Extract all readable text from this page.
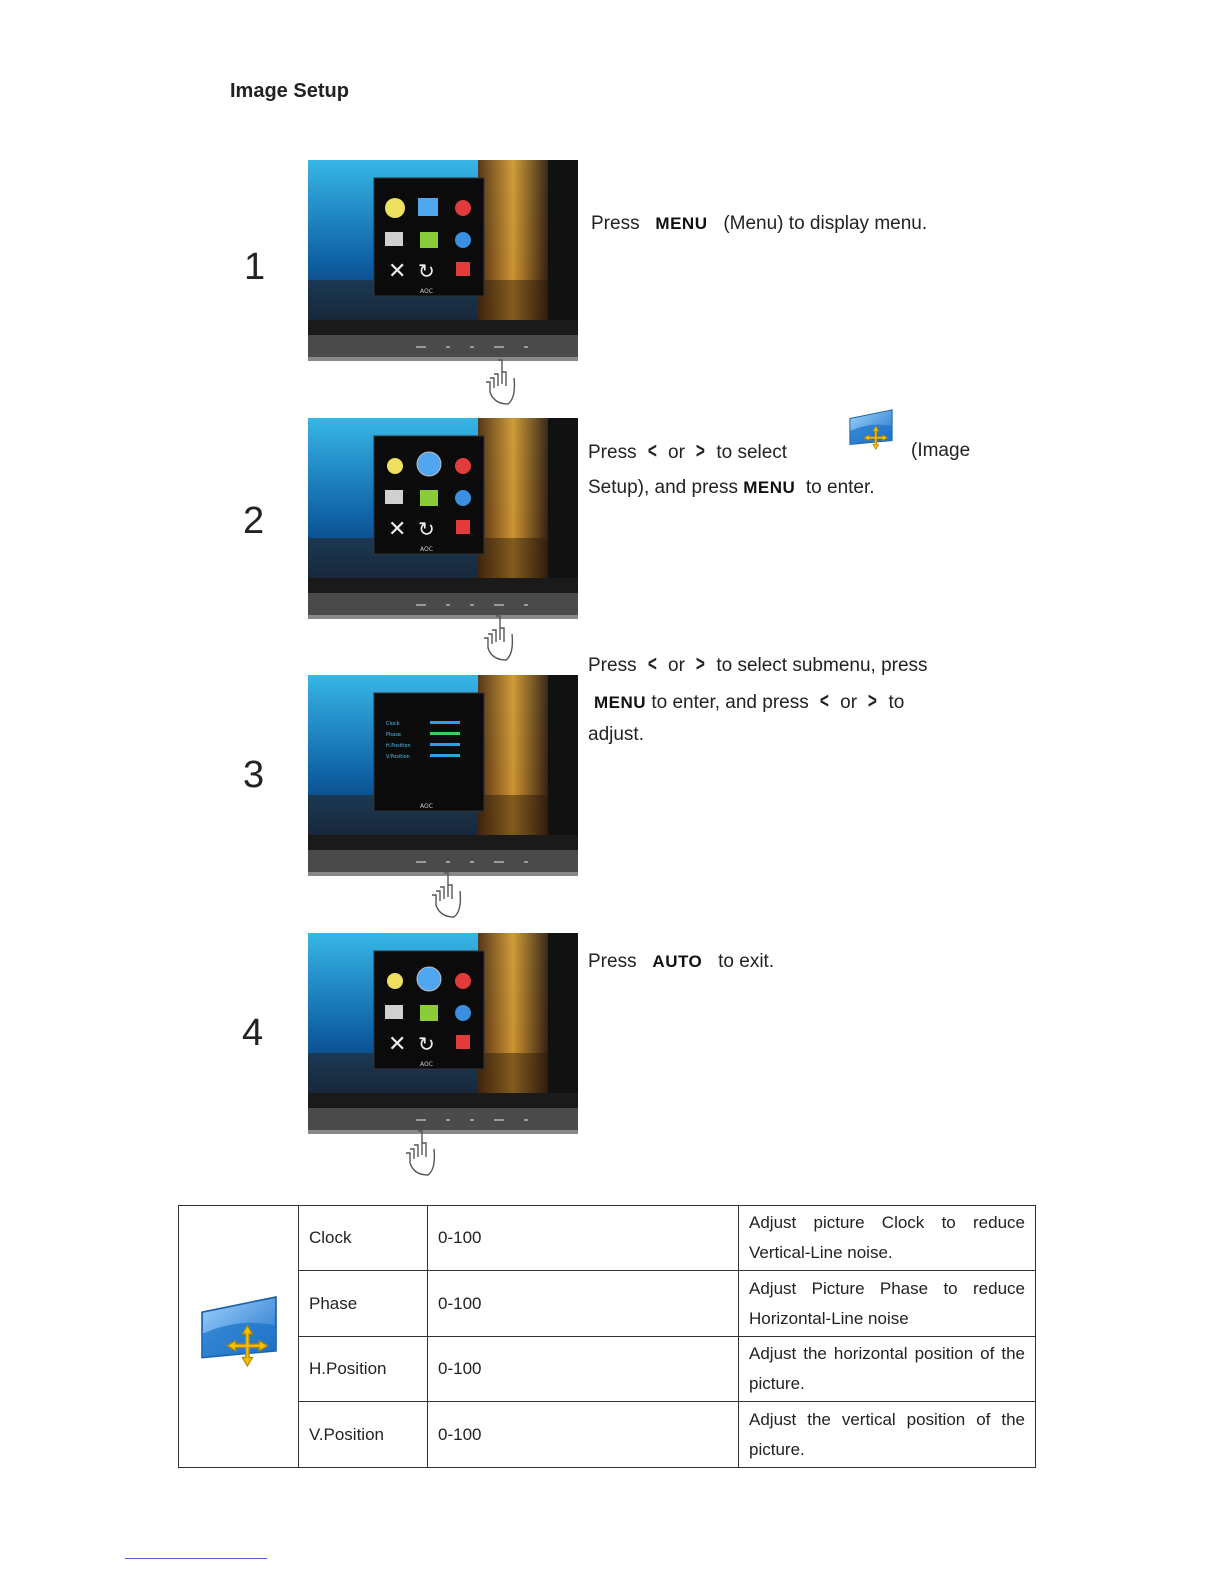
Image Setup
1
2
3
4
✕ ↻
AOC
✕ ↻
AOC
Clock
Phase
H.Position
V.Position
AOC
✕ ↻
AOC
Press MENU (Menu) to display menu.
Press < or > to select	(Image
Setup), and press MENU to enter.
Press < or > to select submenu, press
MENU to enter, and press < or > to
adjust.
Press AUTO to exit.
	Clock	0-100	Adjust picture Clock to reduce Vertical-Line noise.
	Phase	0-100	Adjust Picture Phase to reduce Horizontal-Line noise
	H.Position	0-100	Adjust the horizontal position of the picture.
	V.Position	0-100	Adjust the vertical position of the picture.
